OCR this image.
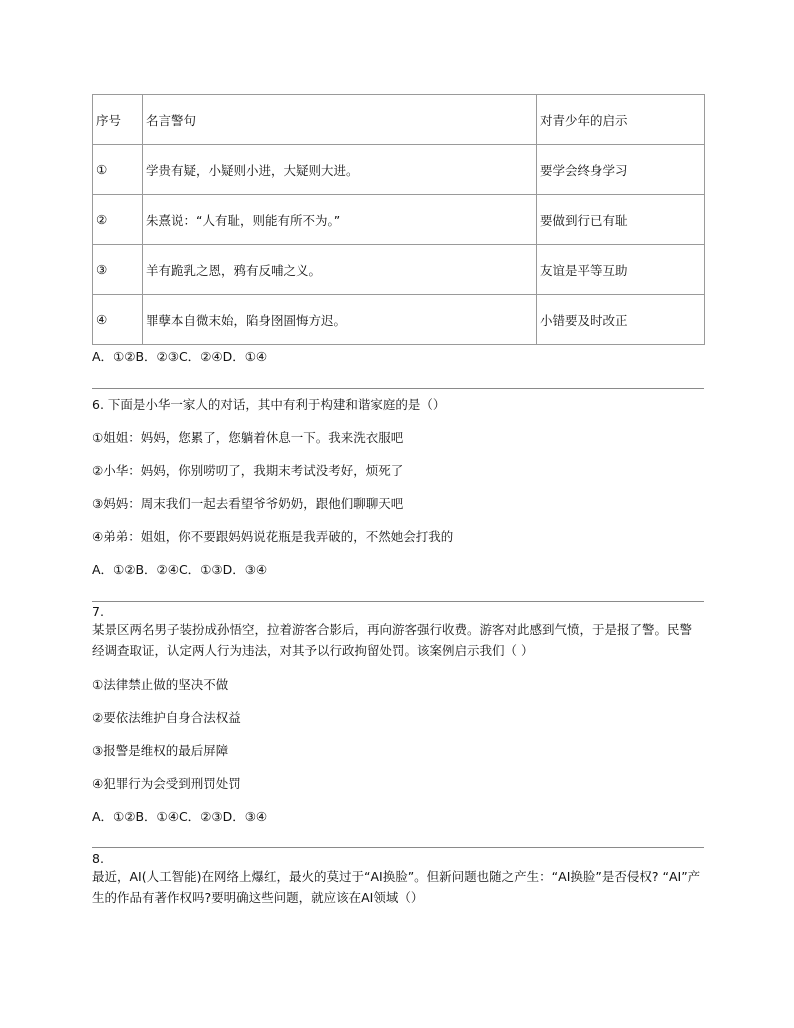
序号	名言警句	对青少年的启示
①	学贵有疑，小疑则小进，大疑则大进。	要学会终身学习
②	朱熹说：“人有耻，则能有所不为。”	要做到行已有耻
③	羊有跪乳之恩，鸦有反哺之义。	友谊是平等互助
④	罪孽本自微末始，陷身囹圄悔方迟。	小错要及时改正
A．①②B．②③C．②④D．①④
6. 下面是小华一家人的对话，其中有利于构建和谐家庭的是（）
①姐姐：妈妈，您累了，您躺着休息一下。我来洗衣服吧
②小华：妈妈，你别唠叨了，我期末考试没考好，烦死了
③妈妈：周末我们一起去看望爷爷奶奶，跟他们聊聊天吧
④弟弟：姐姐，你不要跟妈妈说花瓶是我弄破的，不然她会打我的
A．①②B．②④C．①③D．③④
7.
某景区两名男子装扮成孙悟空，拉着游客合影后，再向游客强行收费。游客对此感到气愤，于是报了警。民警经调查取证，认定两人行为违法，对其予以行政拘留处罚。该案例启示我们（ ）
①法律禁止做的坚决不做
②要依法维护自身合法权益
③报警是维权的最后屏障
④犯罪行为会受到刑罚处罚
A．①②B．①④C．②③D．③④
8.
最近，AI(人工智能)在网络上爆红，最火的莫过于“AI换脸”。但新问题也随之产生：“AI换脸”是否侵权? “AI”产生的作品有著作权吗?要明确这些问题，就应该在AI领域（）
